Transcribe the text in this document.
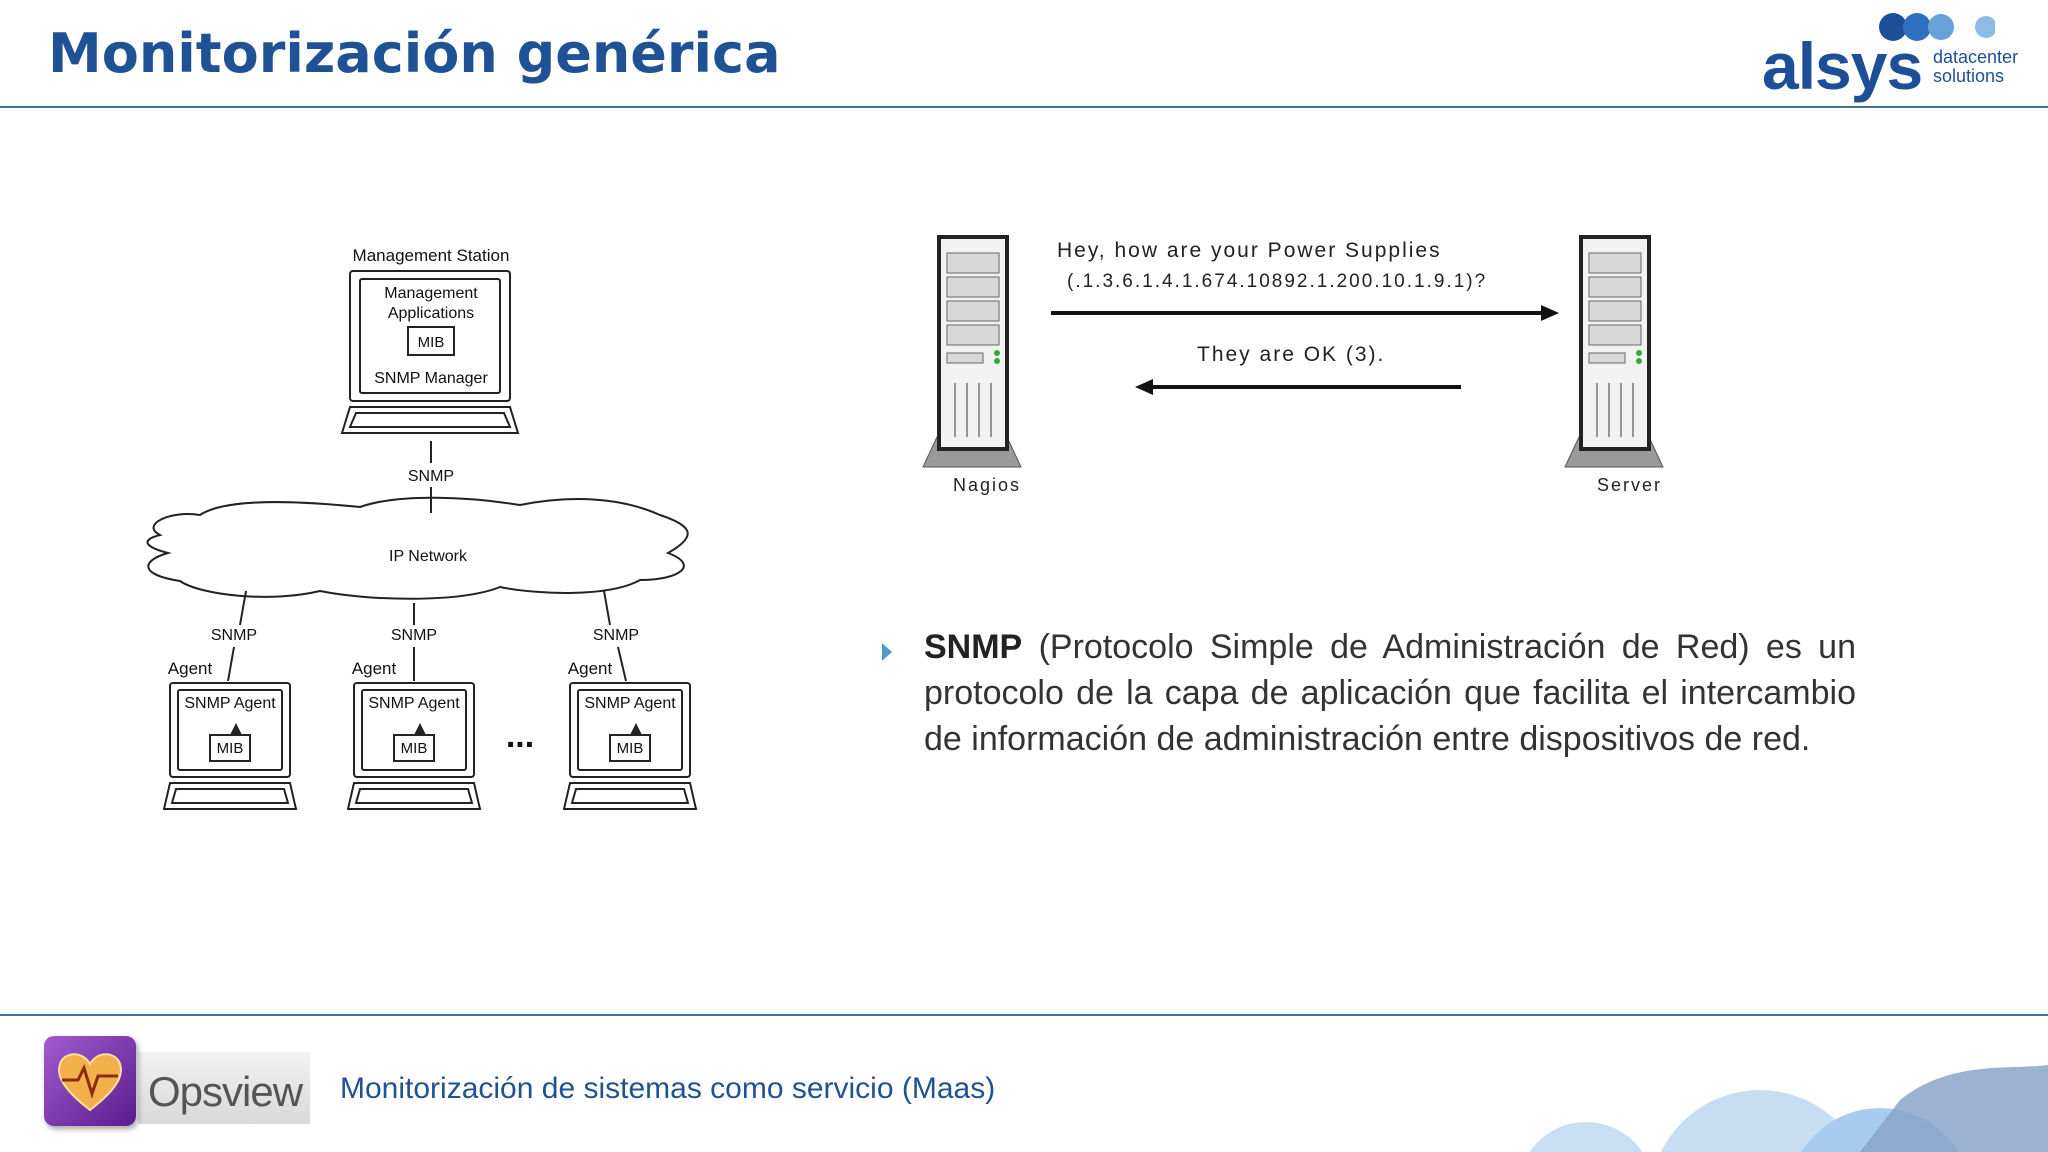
Monitorización genérica	alsys datacenter
solutions
Management Station
Management
Applications
MIB
SNMP Manager
SNMP
IP Network
SNMP	SNMP	SNMP
Agent	Agent	Agent
SNMP Agent	SNMP Agent	SNMP Agent
MIB	MIB	MIB
...
Hey, how are your Power Supplies
(.1.3.6.1.4.1.674.10892.1.200.10.1.9.1)?
They are OK (3).
Nagios	Server
SNMP (Protocolo Simple de Administración de Red) es un protocolo de la capa de aplicación que facilita el intercambio de información de administración entre dispositivos de red.
Opsview Monitorización de sistemas como servicio (Maas)
